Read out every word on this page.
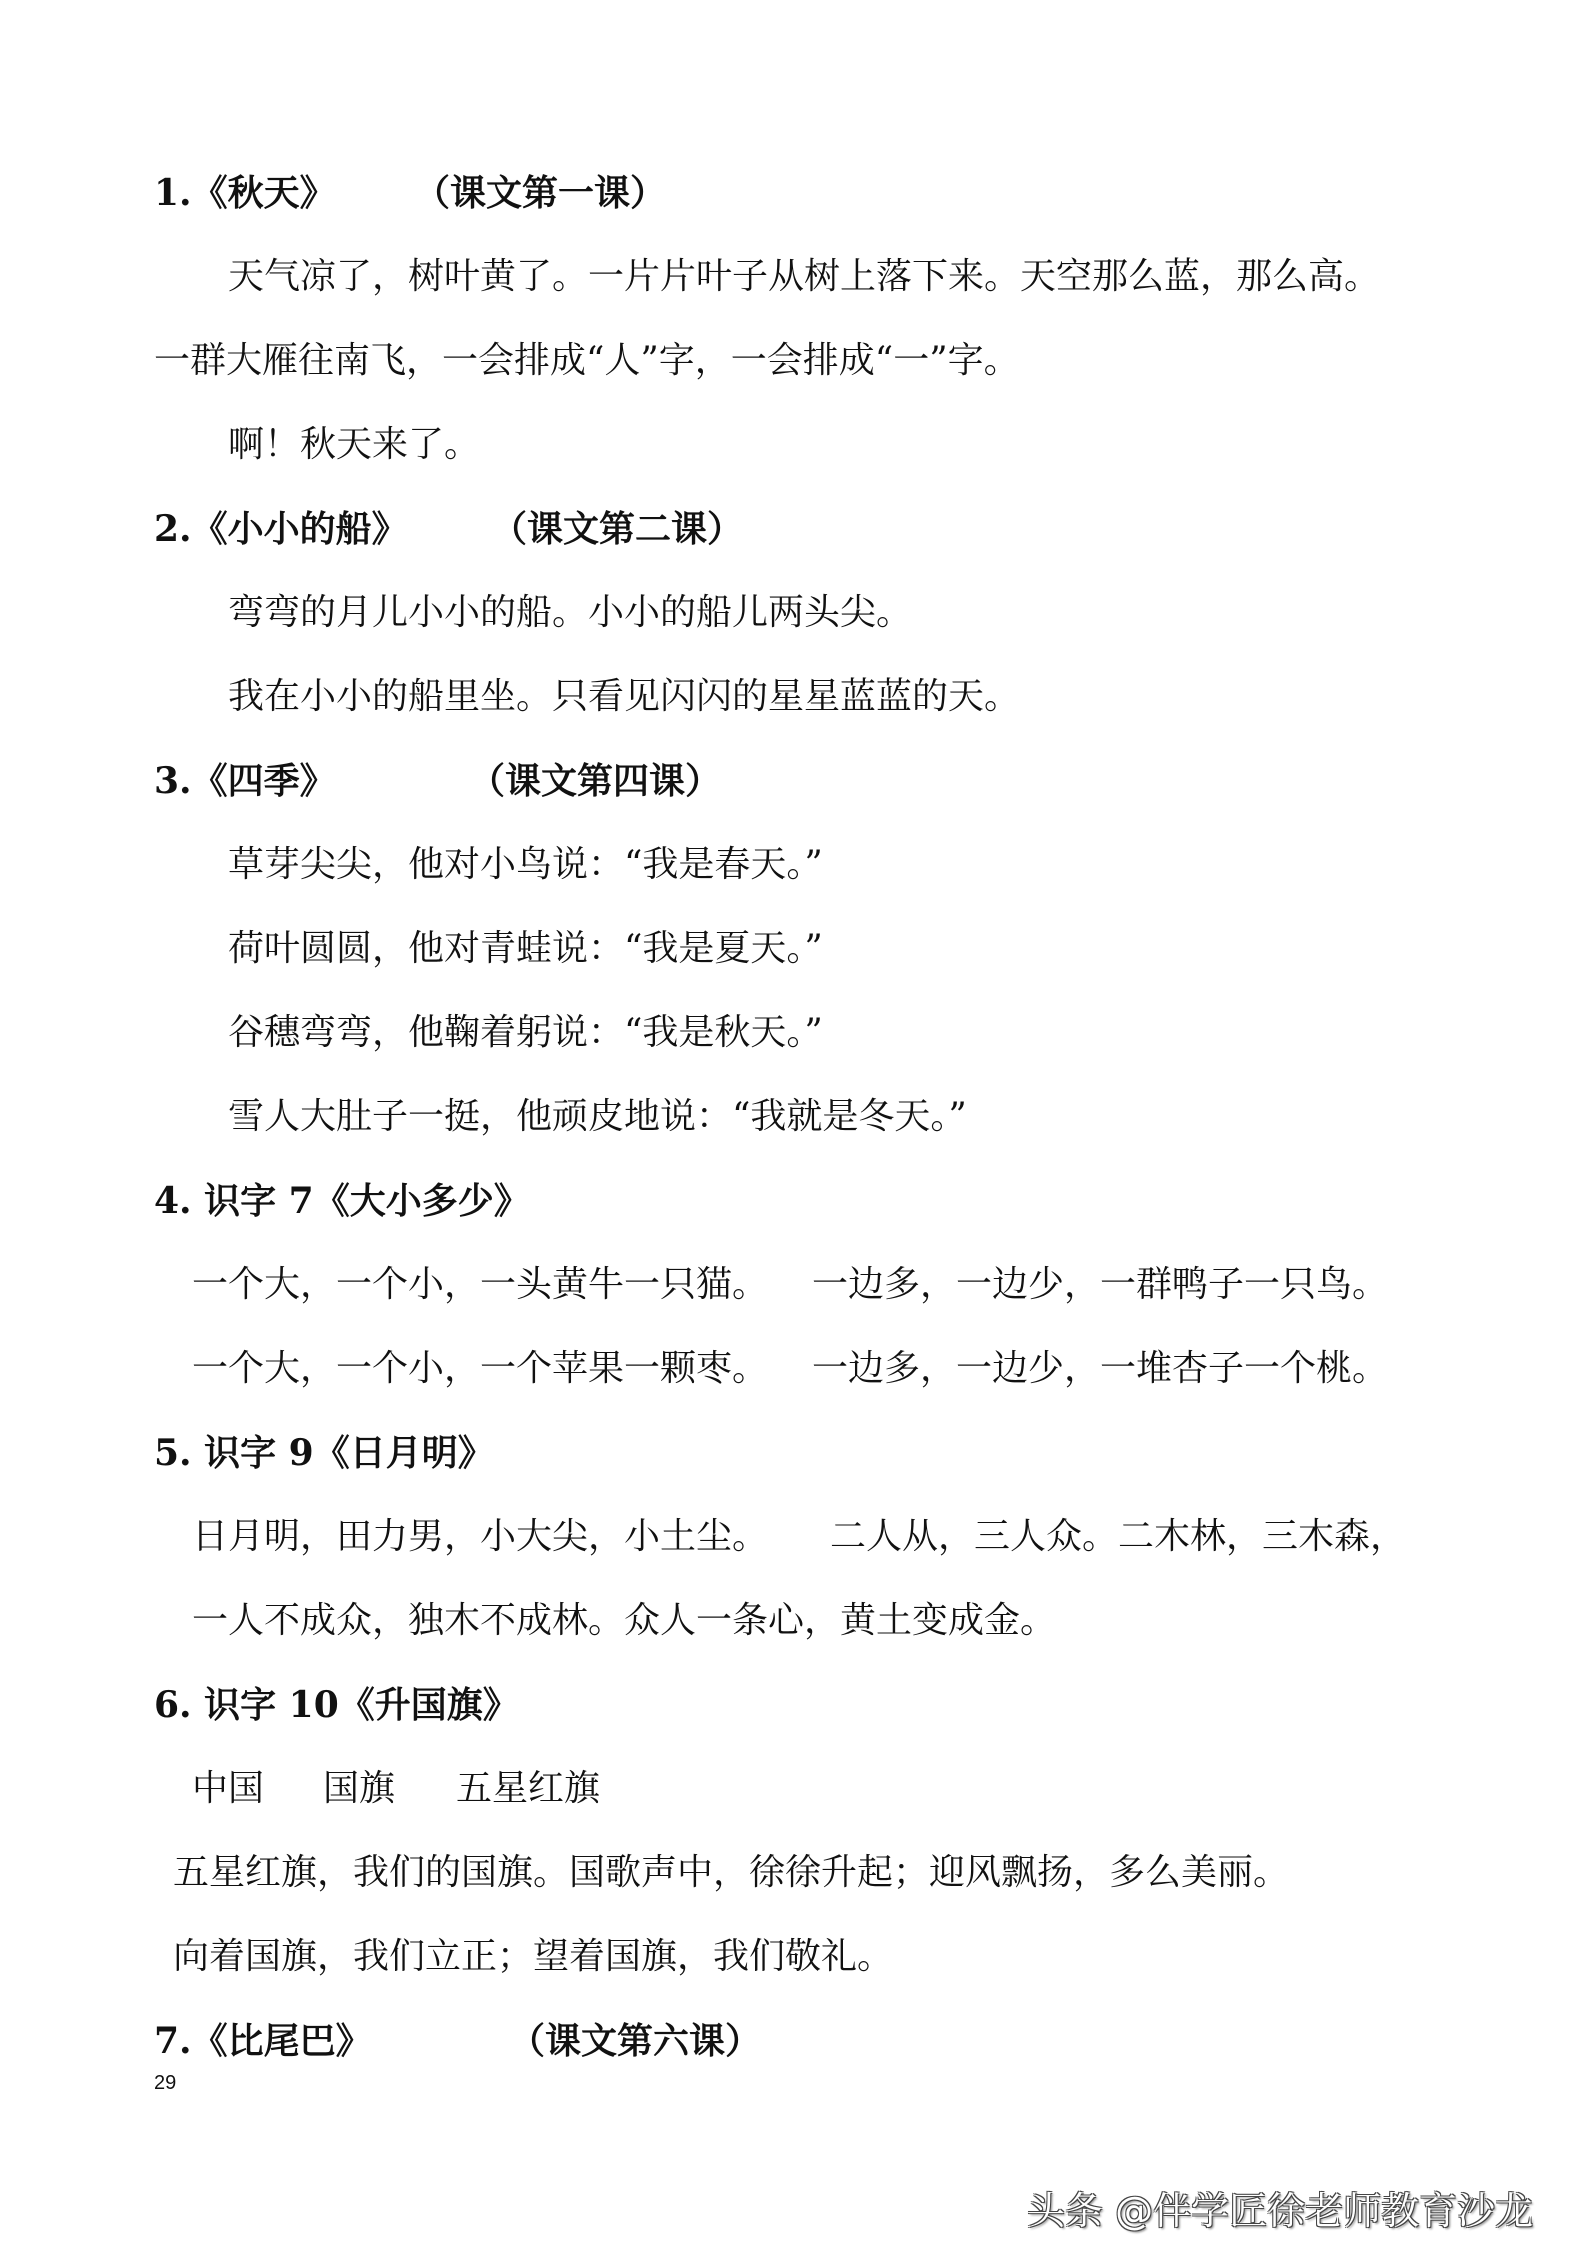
1.《秋天》 （课文第一课）
天气凉了，树叶黄了。一片片叶子从树上落下来。天空那么蓝，那么高。
一群大雁往南飞，一会排成“人”字，一会排成“一”字。
啊！秋天来了。
2.《小小的船》 （课文第二课）
弯弯的月儿小小的船。小小的船儿两头尖。
我在小小的船里坐。只看见闪闪的星星蓝蓝的天。
3.《四季》	（课文第四课）
草芽尖尖，他对小鸟说：“我是春天。”
荷叶圆圆，他对青蛙说：“我是夏天。”
谷穗弯弯，他鞠着躬说：“我是秋天。”
雪人大肚子一挺，他顽皮地说：“我就是冬天。”
4. 识字 7《大小多少》
一个大，一个小，一头黄牛一只猫。 一边多，一边少，一群鸭子一只鸟。
一个大，一个小，一个苹果一颗枣。 一边多，一边少，一堆杏子一个桃。
5. 识字 9《日月明》
日月明，田力男，小大尖，小土尘。 二人从，三人众。二木林，三木森，
一人不成众，独木不成林。众人一条心，黄土变成金。
6. 识字 10《升国旗》
中国 国旗 五星红旗
五星红旗，我们的国旗。国歌声中，徐徐升起；迎风飘扬，多么美丽。
向着国旗，我们立正；望着国旗，我们敬礼。
7.《比尾巴》	（课文第六课）
29
头条 @伴学匠徐老师教育沙龙
